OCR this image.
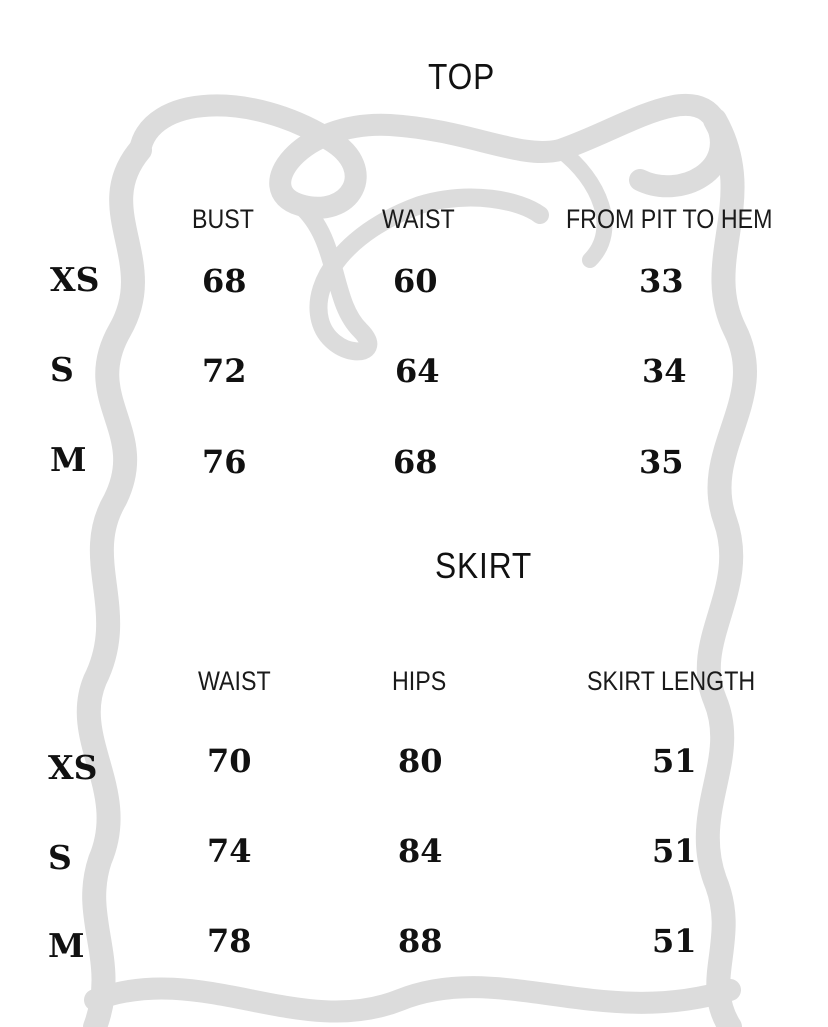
TOP
BUST	WAIST	FROM PIT TO HEM
XS	68	60	33
S	72	64	34
M	76	68	35
SKIRT
WAIST	HIPS	SKIRT LENGTH
XS	70	80	51
S	74	84	51
M	78	88	51
